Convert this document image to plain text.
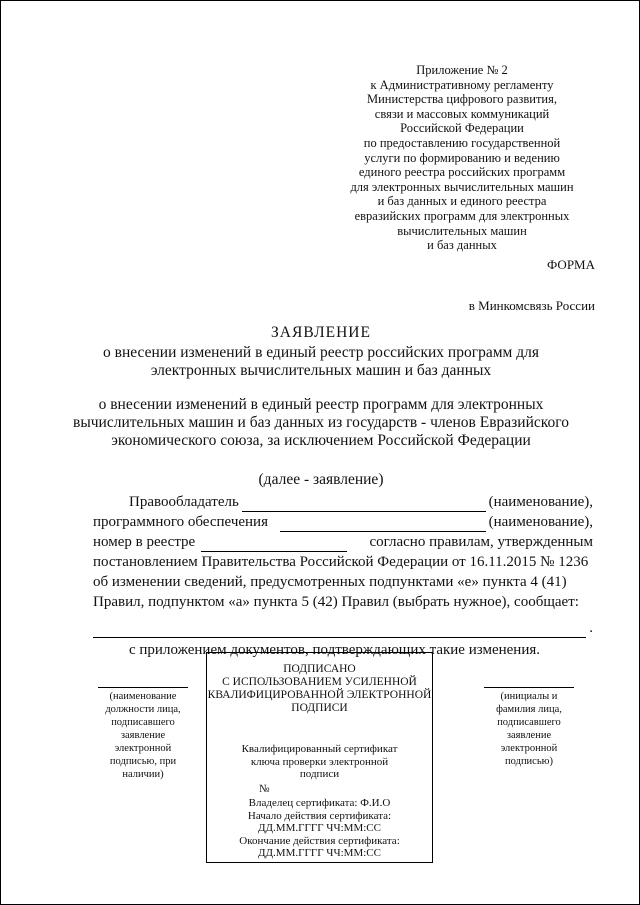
Приложение № 2
к Административному регламенту
Министерства цифрового развития,
связи и массовых коммуникаций
Российской Федерации
по предоставлению государственной
услуги по формированию и ведению
единого реестра российских программ
для электронных вычислительных машин
и баз данных и единого реестра
евразийских программ для электронных
вычислительных машин
и баз данных
ФОРМА
в Минкомсвязь России
ЗАЯВЛЕНИЕ
о внесении изменений в единый реестр российских программ для
электронных вычислительных машин и баз данных
о внесении изменений в единый реестр программ для электронных
вычислительных машин и баз данных из государств - членов Евразийского
экономического союза, за исключением Российской Федерации
(далее - заявление)
Правообладатель	(наименование),
программного обеспечения	(наименование),
номер в реестре	согласно правилам, утвержденным
постановлением Правительства Российской Федерации от 16.11.2015 № 1236
об изменении сведений, предусмотренных подпунктами «е» пункта 4 (41)
Правил, подпунктом «а» пункта 5 (42) Правил (выбрать нужное), сообщает:
.
с приложением документов, подтверждающих такие изменения.
(наименование
должности лица,
подписавшего
заявление
электронной
подписью, при
наличии)
ПОДПИСАНО
С ИСПОЛЬЗОВАНИЕМ УСИЛЕННОЙ
КВАЛИФИЦИРОВАННОЙ ЭЛЕКТРОННОЙ
ПОДПИСИ
Квалифицированный сертификат
ключа проверки электронной
подписи
№
Владелец сертификата: Ф.И.О
Начало действия сертификата:
ДД.ММ.ГГГГ ЧЧ:ММ:СС
Окончание действия сертификата:
ДД.ММ.ГГГГ ЧЧ:ММ:СС
(инициалы и
фамилия лица,
подписавшего
заявление
электронной
подписью)
